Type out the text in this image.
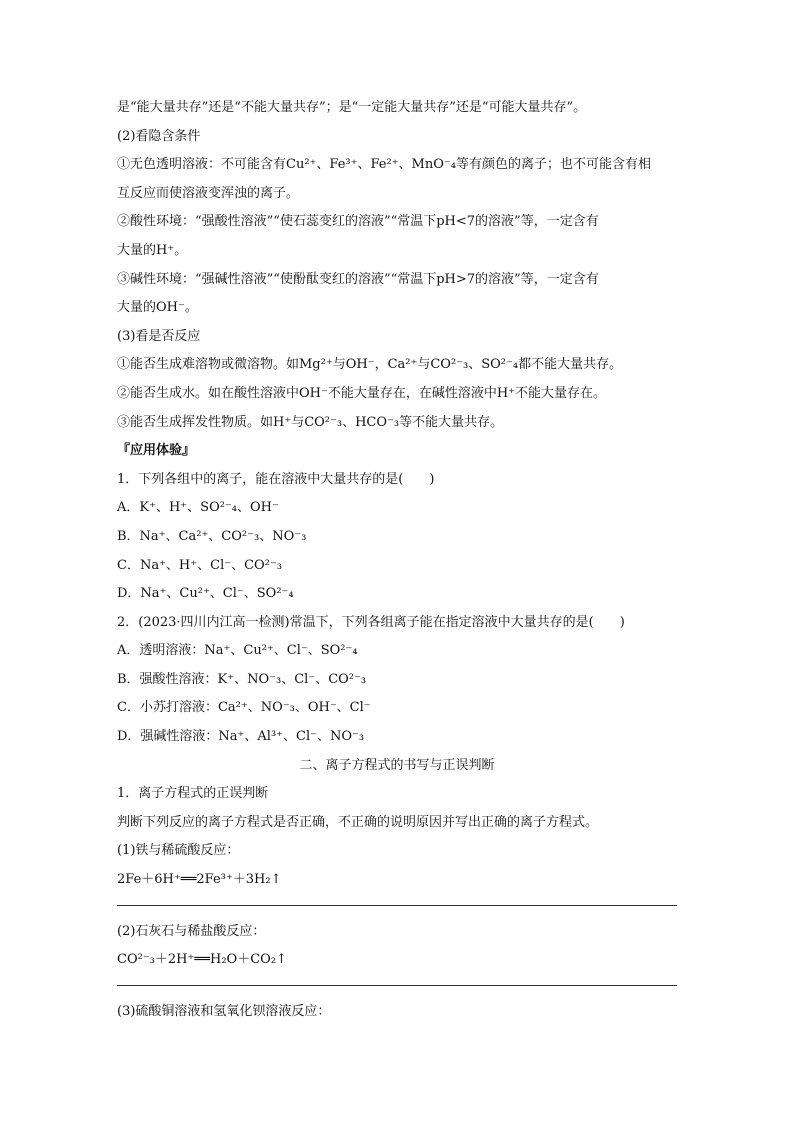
是“能大量共存”还是“不能大量共存”；是“一定能大量共存”还是“可能大量共存”。
(2)看隐含条件
①无色透明溶液：不可能含有Cu²⁺、Fe³⁺、Fe²⁺、MnO⁻₄等有颜色的离子；也不可能含有相
互反应而使溶液变浑浊的离子。
②酸性环境：“强酸性溶液”“使石蕊变红的溶液”“常温下pH<7的溶液”等，一定含有
大量的H⁺。
③碱性环境：“强碱性溶液”“使酚酞变红的溶液”“常温下pH>7的溶液”等，一定含有
大量的OH⁻。
(3)看是否反应
①能否生成难溶物或微溶物。如Mg²⁺与OH⁻，Ca²⁺与CO²⁻₃、SO²⁻₄都不能大量共存。
②能否生成水。如在酸性溶液中OH⁻不能大量存在，在碱性溶液中H⁺不能大量存在。
③能否生成挥发性物质。如H⁺与CO²⁻₃、HCO⁻₃等不能大量共存。
『应用体验』
1．下列各组中的离子，能在溶液中大量共存的是(　　)
A．K⁺、H⁺、SO²⁻₄、OH⁻
B．Na⁺、Ca²⁺、CO²⁻₃、NO⁻₃
C．Na⁺、H⁺、Cl⁻、CO²⁻₃
D．Na⁺、Cu²⁺、Cl⁻、SO²⁻₄
2．(2023·四川内江高一检测)常温下，下列各组离子能在指定溶液中大量共存的是(　　)
A．透明溶液：Na⁺、Cu²⁺、Cl⁻、SO²⁻₄
B．强酸性溶液：K⁺、NO⁻₃、Cl⁻、CO²⁻₃
C．小苏打溶液：Ca²⁺、NO⁻₃、OH⁻、Cl⁻
D．强碱性溶液：Na⁺、Al³⁺、Cl⁻、NO⁻₃
二、离子方程式的书写与正误判断
1．离子方程式的正误判断
判断下列反应的离子方程式是否正确，不正确的说明原因并写出正确的离子方程式。
(1)铁与稀硫酸反应：
2Fe＋6H⁺══2Fe³⁺＋3H₂↑
(2)石灰石与稀盐酸反应：
CO²⁻₃＋2H⁺══H₂O＋CO₂↑
(3)硫酸铜溶液和氢氧化钡溶液反应：
